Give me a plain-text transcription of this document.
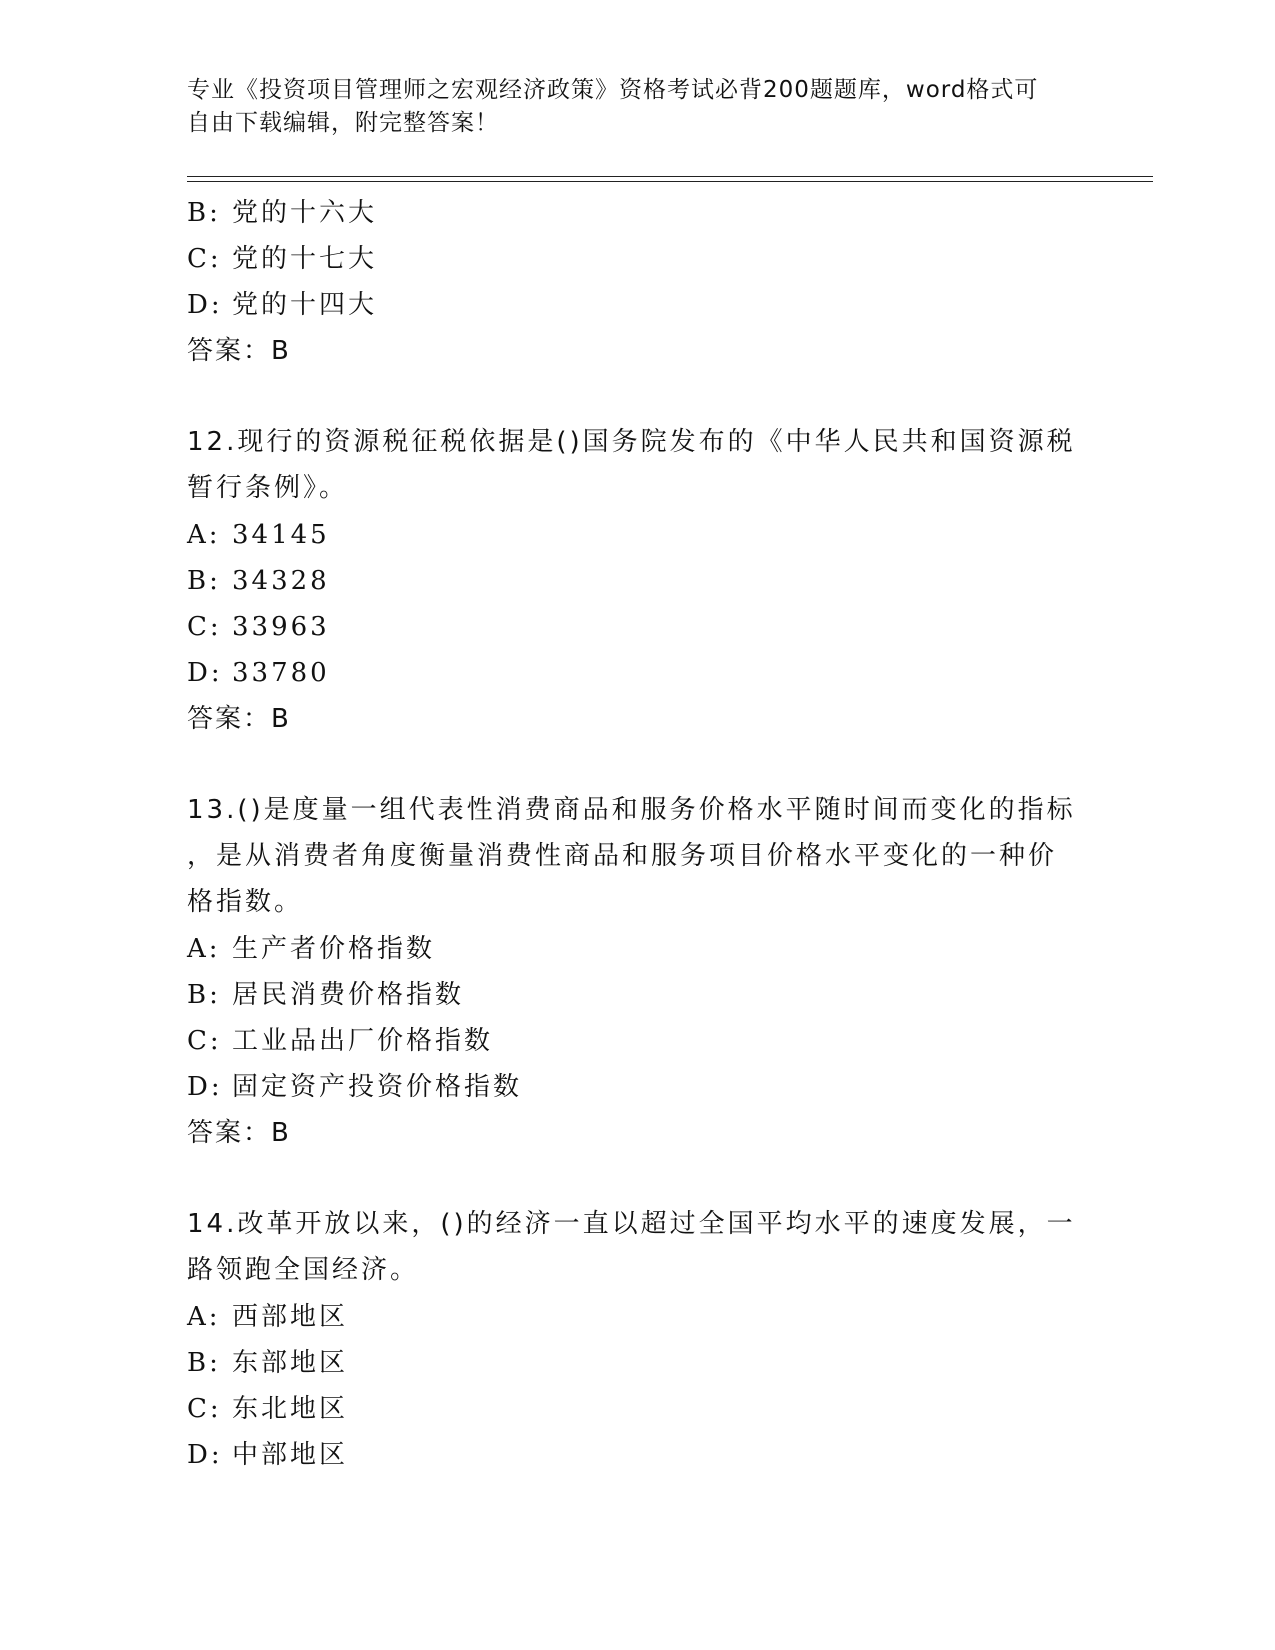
专业《投资项目管理师之宏观经济政策》资格考试必背200题题库，word格式可
自由下载编辑，附完整答案！
B: 党的十六大
C: 党的十七大
D: 党的十四大
答案：B
12.现行的资源税征税依据是()国务院发布的《中华人民共和国资源税
暂行条例》。
A: 34145
B: 34328
C: 33963
D: 33780
答案：B
13.()是度量一组代表性消费商品和服务价格水平随时间而变化的指标
，是从消费者角度衡量消费性商品和服务项目价格水平变化的一种价
格指数。
A: 生产者价格指数
B: 居民消费价格指数
C: 工业品出厂价格指数
D: 固定资产投资价格指数
答案：B
14.改革开放以来，()的经济一直以超过全国平均水平的速度发展，一
路领跑全国经济。
A: 西部地区
B: 东部地区
C: 东北地区
D: 中部地区
